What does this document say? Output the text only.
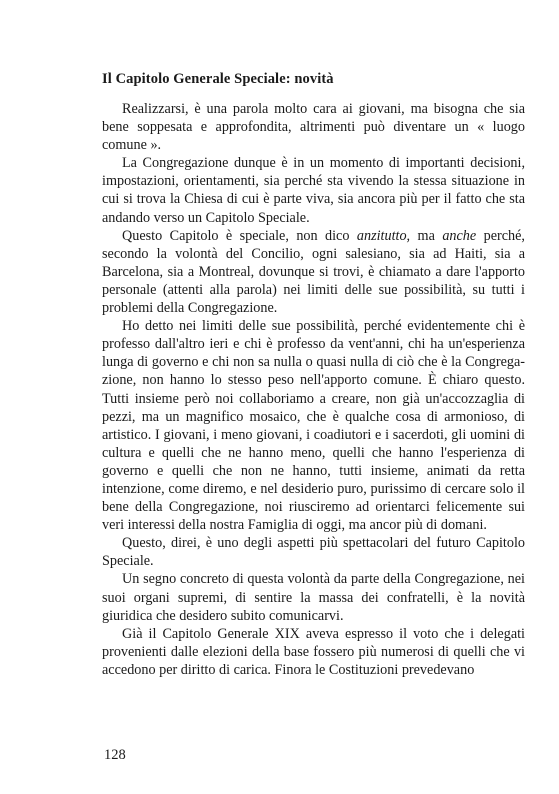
Il Capitolo Generale Speciale: novità

Realizzarsi, è una parola molto cara ai giovani, ma bisogna che sia bene soppesata e approfondita, altrimenti può diventare un « luogo comune ».

La Congregazione dunque è in un momento di importanti decisioni, impostazioni, orientamenti, sia perché sta vivendo la stessa situazione in cui si trova la Chiesa di cui è parte viva, sia ancora più per il fatto che sta andando verso un Capitolo Speciale.

Questo Capitolo è speciale, non dico anzitutto, ma anche perché, secondo la volontà del Concilio, ogni salesiano, sia ad Haiti, sia a Barcelona, sia a Montreal, dovunque si trovi, è chiamato a dare l'apporto personale (attenti alla parola) nei limiti delle sue possibilità, su tutti i problemi della Congregazione.

Ho detto nei limiti delle sue possibilità, perché evidentemente chi è professo dall'altro ieri e chi è professo da vent'anni, chi ha un'esperienza lunga di governo e chi non sa nulla o quasi nulla di ciò che è la Congregazione, non hanno lo stesso peso nell'apporto comune. È chiaro questo. Tutti insieme però noi collaboriamo a creare, non già un'accozzaglia di pezzi, ma un magnifico mosaico, che è qualche cosa di armonioso, di artistico. I giovani, i meno giovani, i coadiutori e i sacerdoti, gli uomini di cultura e quelli che ne hanno meno, quelli che hanno l'esperienza di governo e quelli che non ne hanno, tutti insieme, animati da retta intenzione, come diremo, e nel desiderio puro, purissimo di cercare solo il bene della Congregazione, noi riusciremo ad orientarci felicemente sui veri interessi della nostra Famiglia di oggi, ma ancor più di domani.

Questo, direi, è uno degli aspetti più spettacolari del futuro Capitolo Speciale.

Un segno concreto di questa volontà da parte della Congregazione, nei suoi organi supremi, di sentire la massa dei confratelli, è la novità giuridica che desidero subito comunicarvi.

Già il Capitolo Generale XIX aveva espresso il voto che i delegati provenienti dalle elezioni della base fossero più numerosi di quelli che vi accedono per diritto di carica. Finora le Costituzioni prevedevano

128
